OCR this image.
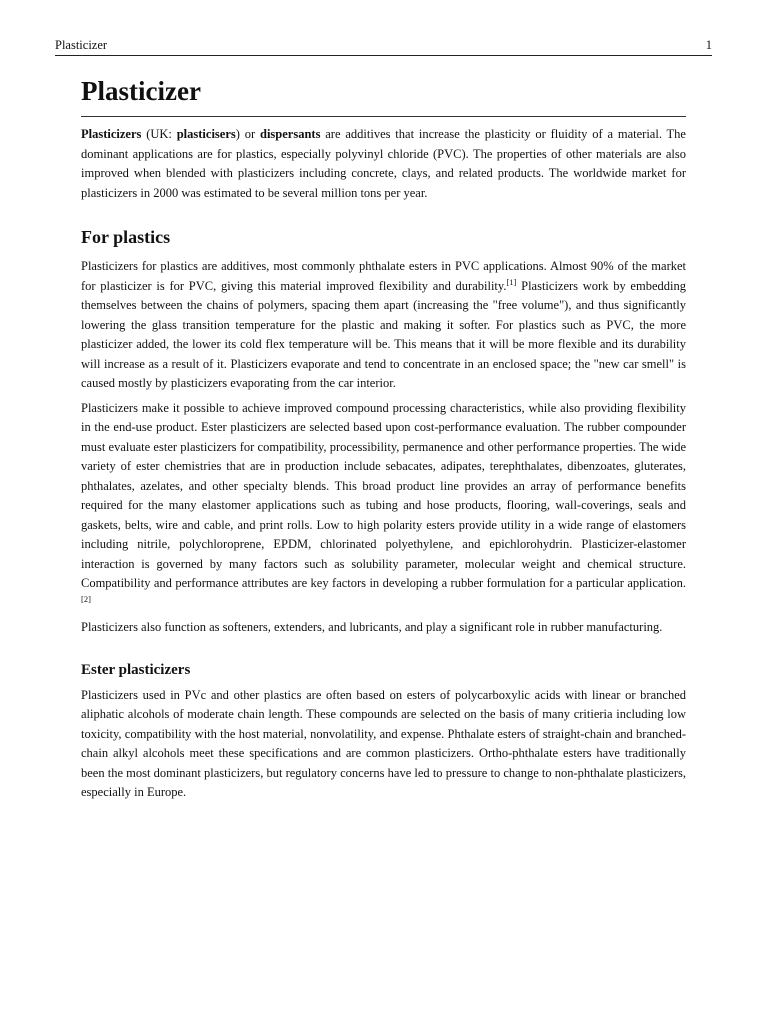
Plasticizer	1
Plasticizer

Plasticizers (UK: plasticisers) or dispersants are additives that increase the plasticity or fluidity of a material. The dominant applications are for plastics, especially polyvinyl chloride (PVC). The properties of other materials are also improved when blended with plasticizers including concrete, clays, and related products. The worldwide market for plasticizers in 2000 was estimated to be several million tons per year.

For plastics

Plasticizers for plastics are additives, most commonly phthalate esters in PVC applications. Almost 90% of the market for plasticizer is for PVC, giving this material improved flexibility and durability.[1] Plasticizers work by embedding themselves between the chains of polymers, spacing them apart (increasing the "free volume"), and thus significantly lowering the glass transition temperature for the plastic and making it softer. For plastics such as PVC, the more plasticizer added, the lower its cold flex temperature will be. This means that it will be more flexible and its durability will increase as a result of it. Plasticizers evaporate and tend to concentrate in an enclosed space; the "new car smell" is caused mostly by plasticizers evaporating from the car interior.

Plasticizers make it possible to achieve improved compound processing characteristics, while also providing flexibility in the end-use product. Ester plasticizers are selected based upon cost-performance evaluation. The rubber compounder must evaluate ester plasticizers for compatibility, processibility, permanence and other performance properties. The wide variety of ester chemistries that are in production include sebacates, adipates, terephthalates, dibenzoates, gluterates, phthalates, azelates, and other specialty blends. This broad product line provides an array of performance benefits required for the many elastomer applications such as tubing and hose products, flooring, wall-coverings, seals and gaskets, belts, wire and cable, and print rolls. Low to high polarity esters provide utility in a wide range of elastomers including nitrile, polychloroprene, EPDM, chlorinated polyethylene, and epichlorohydrin. Plasticizer-elastomer interaction is governed by many factors such as solubility parameter, molecular weight and chemical structure. Compatibility and performance attributes are key factors in developing a rubber formulation for a particular application.[2]

Plasticizers also function as softeners, extenders, and lubricants, and play a significant role in rubber manufacturing.

Ester plasticizers

Plasticizers used in PVc and other plastics are often based on esters of polycarboxylic acids with linear or branched aliphatic alcohols of moderate chain length. These compounds are selected on the basis of many critieria including low toxicity, compatibility with the host material, nonvolatility, and expense. Phthalate esters of straight-chain and branched-chain alkyl alcohols meet these specifications and are common plasticizers. Ortho-phthalate esters have traditionally been the most dominant plasticizers, but regulatory concerns have led to pressure to change to non-phthalate plasticizers, especially in Europe.
